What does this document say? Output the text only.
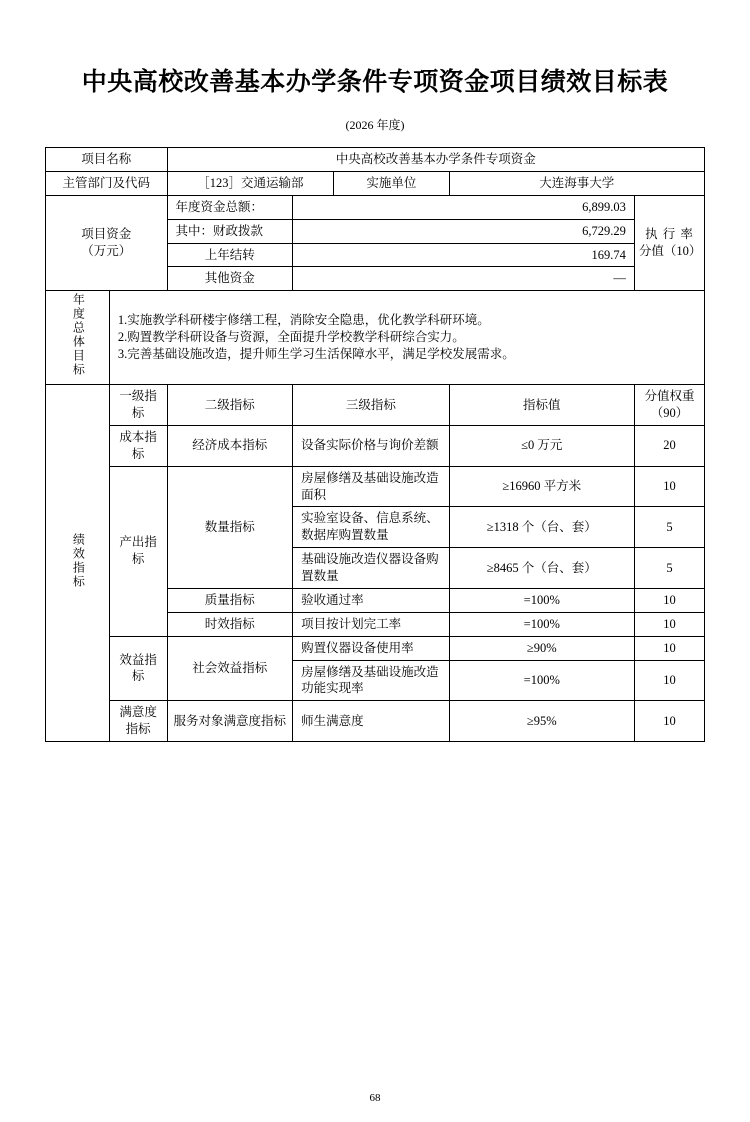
中央高校改善基本办学条件专项资金项目绩效目标表
(2026 年度)
项目名称		中央高校改善基本办学条件专项资金				
主管部门及代码		［123］交通运输部		实施单位	大连海事大学	

项目资金
（万元）
	年度资金总额：	6,899.03	
执 行 率
分值（10）

		其中：财政拨款	6,729.29			
		上年结转	169.74			
		其他资金	—			
年度总体目标	1.实施教学科研楼宇修缮工程，消除安全隐患，优化教学科研环境。
2.购置教学科研设备与资源，全面提升学校教学科研综合实力。
3.完善基础设施改造，提升师生学习生活保障水平，满足学校发展需求。					

绩效指标	一级指标	二级指标	三级指标		指标值	分值权重
（90）

	成本指标	经济成本指标	设备实际价格与询价差额		≤0 万元	20
	产出指标	数量指标	房屋修缮及基础设施改造面积		≥16960 平方米	10
			实验室设备、信息系统、数据库购置数量		≥1318 个（台、套）	5
			基础设施改造仪器设备购置数量		≥8465 个（台、套）	5
		质量指标	验收通过率		=100%	10
		时效指标	项目按计划完工率		=100%	10
	效益指标	社会效益指标	购置仪器设备使用率		≥90%	10
			房屋修缮及基础设施改造功能实现率		=100%	10
	满意度指标	服务对象满意度指标	师生满意度		≥95%	10
68
